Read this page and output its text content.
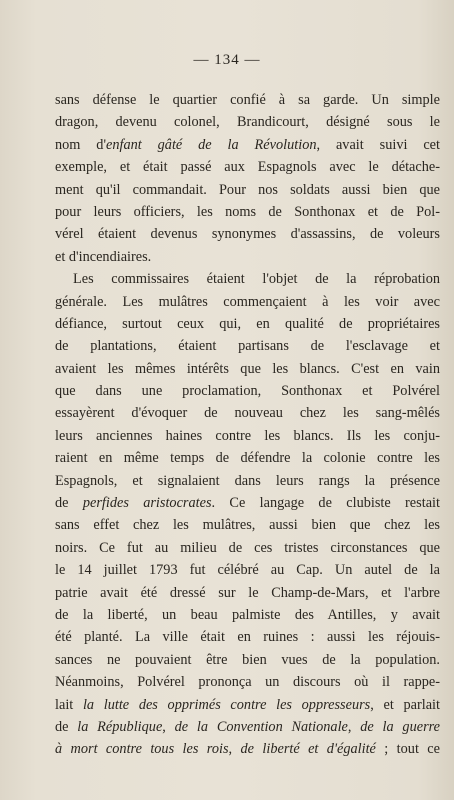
— 134 —
sans défense le quartier confié à sa garde. Un simple
dragon, devenu colonel, Brandicourt, désigné sous le
nom d'enfant gâté de la Révolution, avait suivi cet
exemple, et était passé aux Espagnols avec le détache-
ment qu'il commandait. Pour nos soldats aussi bien que
pour leurs officiers, les noms de Sonthonax et de Pol-
vérel étaient devenus synonymes d'assassins, de voleurs
et d'incendiaires.
Les commissaires étaient l'objet de la réprobation
générale. Les mulâtres commençaient à les voir avec
défiance, surtout ceux qui, en qualité de propriétaires
de plantations, étaient partisans de l'esclavage et
avaient les mêmes intérêts que les blancs. C'est en vain
que dans une proclamation, Sonthonax et Polvérel
essayèrent d'évoquer de nouveau chez les sang-mêlés
leurs anciennes haines contre les blancs. Ils les conju-
raient en même temps de défendre la colonie contre les
Espagnols, et signalaient dans leurs rangs la présence
de perfides aristocrates. Ce langage de clubiste restait
sans effet chez les mulâtres, aussi bien que chez les
noirs. Ce fut au milieu de ces tristes circonstances que
le 14 juillet 1793 fut célébré au Cap. Un autel de la
patrie avait été dressé sur le Champ-de-Mars, et l'arbre
de la liberté, un beau palmiste des Antilles, y avait
été planté. La ville était en ruines : aussi les réjouis-
sances ne pouvaient être bien vues de la population.
Néanmoins, Polvérel prononça un discours où il rappe-
lait la lutte des opprimés contre les oppresseurs, et parlait
de la République, de la Convention Nationale, de la guerre
à mort contre tous les rois, de liberté et d'égalité ; tout ce
